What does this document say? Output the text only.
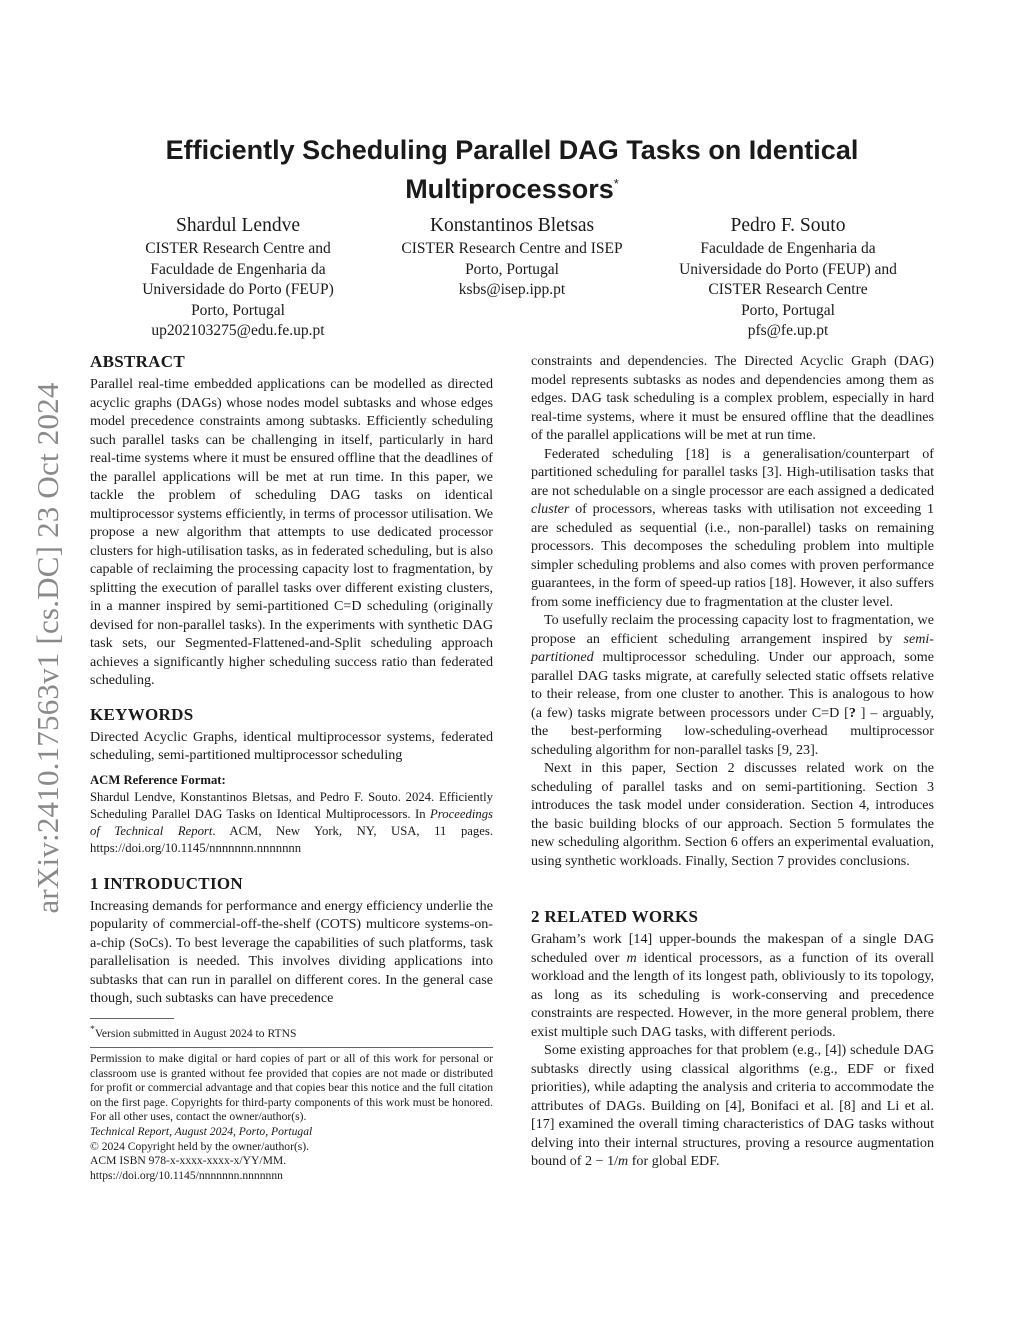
arXiv:2410.17563v1 [cs.DC] 23 Oct 2024
Efficiently Scheduling Parallel DAG Tasks on Identical Multiprocessors*
Shardul Lendve
CISTER Research Centre and
Faculdade de Engenharia da
Universidade do Porto (FEUP)
Porto, Portugal
up202103275@edu.fe.up.pt
Konstantinos Bletsas
CISTER Research Centre and ISEP
Porto, Portugal
ksbs@isep.ipp.pt
Pedro F. Souto
Faculdade de Engenharia da
Universidade do Porto (FEUP) and
CISTER Research Centre
Porto, Portugal
pfs@fe.up.pt
ABSTRACT

Parallel real-time embedded applications can be modelled as directed acyclic graphs (DAGs) whose nodes model subtasks and whose edges model precedence constraints among subtasks. Efficiently scheduling such parallel tasks can be challenging in itself, particularly in hard real-time systems where it must be ensured offline that the deadlines of the parallel applications will be met at run time. In this paper, we tackle the problem of scheduling DAG tasks on identical multiprocessor systems efficiently, in terms of processor utilisation. We propose a new algorithm that attempts to use dedicated processor clusters for high-utilisation tasks, as in federated scheduling, but is also capable of reclaiming the processing capacity lost to fragmentation, by splitting the execution of parallel tasks over different existing clusters, in a manner inspired by semi-partitioned C=D scheduling (originally devised for non-parallel tasks). In the experiments with synthetic DAG task sets, our Segmented-Flattened-and-Split scheduling approach achieves a significantly higher scheduling success ratio than federated scheduling.

KEYWORDS

Directed Acyclic Graphs, identical multiprocessor systems, federated scheduling, semi-partitioned multiprocessor scheduling

ACM Reference Format:

Shardul Lendve, Konstantinos Bletsas, and Pedro F. Souto. 2024. Efficiently Scheduling Parallel DAG Tasks on Identical Multiprocessors. In Proceedings of Technical Report. ACM, New York, NY, USA, 11 pages. https://doi.org/10.1145/nnnnnnn.nnnnnnn

1 INTRODUCTION

Increasing demands for performance and energy efficiency underlie the popularity of commercial-off-the-shelf (COTS) multicore systems-on-a-chip (SoCs). To best leverage the capabilities of such platforms, task parallelisation is needed. This involves dividing applications into subtasks that can run in parallel on different cores. In the general case though, such subtasks can have precedence

*Version submitted in August 2024 to RTNS

Permission to make digital or hard copies of part or all of this work for personal or classroom use is granted without fee provided that copies are not made or distributed for profit or commercial advantage and that copies bear this notice and the full citation on the first page. Copyrights for third-party components of this work must be honored. For all other uses, contact the owner/author(s).

Technical Report, August 2024, Porto, Portugal

© 2024 Copyright held by the owner/author(s).

ACM ISBN 978-x-xxxx-xxxx-x/YY/MM.

https://doi.org/10.1145/nnnnnnn.nnnnnnn

constraints and dependencies. The Directed Acyclic Graph (DAG) model represents subtasks as nodes and dependencies among them as edges. DAG task scheduling is a complex problem, especially in hard real-time systems, where it must be ensured offline that the deadlines of the parallel applications will be met at run time.

Federated scheduling [18] is a generalisation/counterpart of partitioned scheduling for parallel tasks [3]. High-utilisation tasks that are not schedulable on a single processor are each assigned a dedicated cluster of processors, whereas tasks with utilisation not exceeding 1 are scheduled as sequential (i.e., non-parallel) tasks on remaining processors. This decomposes the scheduling problem into multiple simpler scheduling problems and also comes with proven performance guarantees, in the form of speed-up ratios [18]. However, it also suffers from some inefficiency due to fragmentation at the cluster level.

To usefully reclaim the processing capacity lost to fragmentation, we propose an efficient scheduling arrangement inspired by semi-partitioned multiprocessor scheduling. Under our approach, some parallel DAG tasks migrate, at carefully selected static offsets relative to their release, from one cluster to another. This is analogous to how (a few) tasks migrate between processors under C=D [? ] – arguably, the best-performing low-scheduling-overhead multiprocessor scheduling algorithm for non-parallel tasks [9, 23].

Next in this paper, Section 2 discusses related work on the scheduling of parallel tasks and on semi-partitioning. Section 3 introduces the task model under consideration. Section 4, introduces the basic building blocks of our approach. Section 5 formulates the new scheduling algorithm. Section 6 offers an experimental evaluation, using synthetic workloads. Finally, Section 7 provides conclusions.

2 RELATED WORKS

Graham’s work [14] upper-bounds the makespan of a single DAG scheduled over m identical processors, as a function of its overall workload and the length of its longest path, obliviously to its topology, as long as its scheduling is work-conserving and precedence constraints are respected. However, in the more general problem, there exist multiple such DAG tasks, with different periods.

Some existing approaches for that problem (e.g., [4]) schedule DAG subtasks directly using classical algorithms (e.g., EDF or fixed priorities), while adapting the analysis and criteria to accommodate the attributes of DAGs. Building on [4], Bonifaci et al. [8] and Li et al. [17] examined the overall timing characteristics of DAG tasks without delving into their internal structures, proving a resource augmentation bound of 2 − 1/m for global EDF.
